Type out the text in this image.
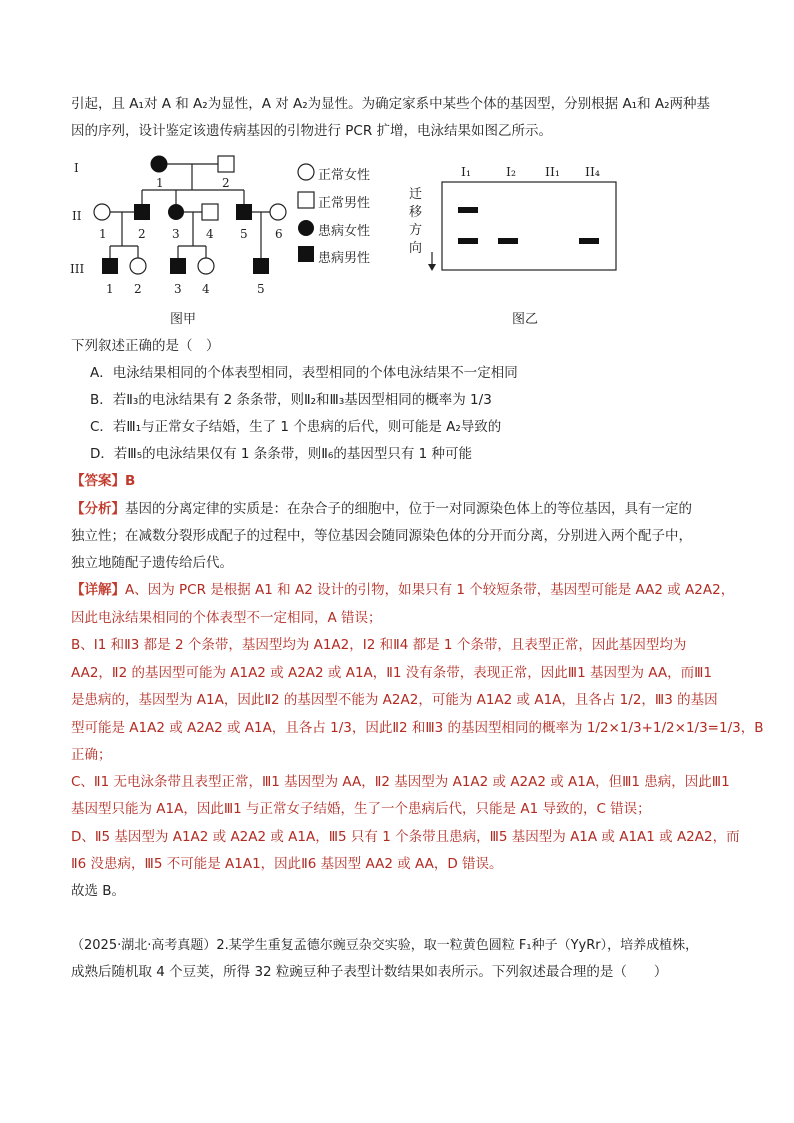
引起，且 A₁对 A 和 A₂为显性，A 对 A₂为显性。为确定家系中某些个体的基因型，分别根据 A₁和 A₂两种基
因的序列，设计鉴定该遗传病基因的引物进行 PCR 扩增，电泳结果如图乙所示。
I
II
III
1	2
1	2 3 4 5 6
1 2	3 4	5
正常女性
正常男性
患病女性
患病男性
图甲
I₁	I₂ II₁ II₄
迁
移
方
向
图乙
下列叙述正确的是（　）
A．电泳结果相同的个体表型相同，表型相同的个体电泳结果不一定相同
B．若Ⅱ₃的电泳结果有 2 条条带，则Ⅱ₂和Ⅲ₃基因型相同的概率为 1/3
C．若Ⅲ₁与正常女子结婚，生了 1 个患病的后代，则可能是 A₂导致的
D．若Ⅲ₅的电泳结果仅有 1 条条带，则Ⅱ₆的基因型只有 1 种可能
【答案】B
【分析】基因的分离定律的实质是：在杂合子的细胞中，位于一对同源染色体上的等位基因，具有一定的
独立性；在减数分裂形成配子的过程中，等位基因会随同源染色体的分开而分离，分别进入两个配子中，
独立地随配子遗传给后代。
【详解】A、因为 PCR 是根据 A1 和 A2 设计的引物，如果只有 1 个较短条带，基因型可能是 AA2 或 A2A2，
因此电泳结果相同的个体表型不一定相同，A 错误；
B、I1 和Ⅱ3 都是 2 个条带，基因型均为 A1A2，I2 和Ⅱ4 都是 1 个条带，且表型正常，因此基因型均为
AA2，Ⅱ2 的基因型可能为 A1A2 或 A2A2 或 A1A，Ⅱ1 没有条带，表现正常，因此Ⅲ1 基因型为 AA，而Ⅲ1
是患病的，基因型为 A1A，因此Ⅱ2 的基因型不能为 A2A2，可能为 A1A2 或 A1A，且各占 1/2，Ⅲ3 的基因
型可能是 A1A2 或 A2A2 或 A1A，且各占 1/3，因此Ⅱ2 和Ⅲ3 的基因型相同的概率为 1/2×1/3+1/2×1/3=1/3，B
正确；
C、Ⅱ1 无电泳条带且表型正常，Ⅲ1 基因型为 AA，Ⅱ2 基因型为 A1A2 或 A2A2 或 A1A，但Ⅲ1 患病，因此Ⅲ1
基因型只能为 A1A，因此Ⅲ1 与正常女子结婚，生了一个患病后代，只能是 A1 导致的，C 错误；
D、Ⅱ5 基因型为 A1A2 或 A2A2 或 A1A，Ⅲ5 只有 1 个条带且患病，Ⅲ5 基因型为 A1A 或 A1A1 或 A2A2，而
Ⅱ6 没患病，Ⅲ5 不可能是 A1A1，因此Ⅱ6 基因型 AA2 或 AA，D 错误。
故选 B。
（2025·湖北·高考真题）2.某学生重复孟德尔豌豆杂交实验，取一粒黄色圆粒 F₁种子（YyRr），培养成植株，
成熟后随机取 4 个豆荚，所得 32 粒豌豆种子表型计数结果如表所示。下列叙述最合理的是（　　）
